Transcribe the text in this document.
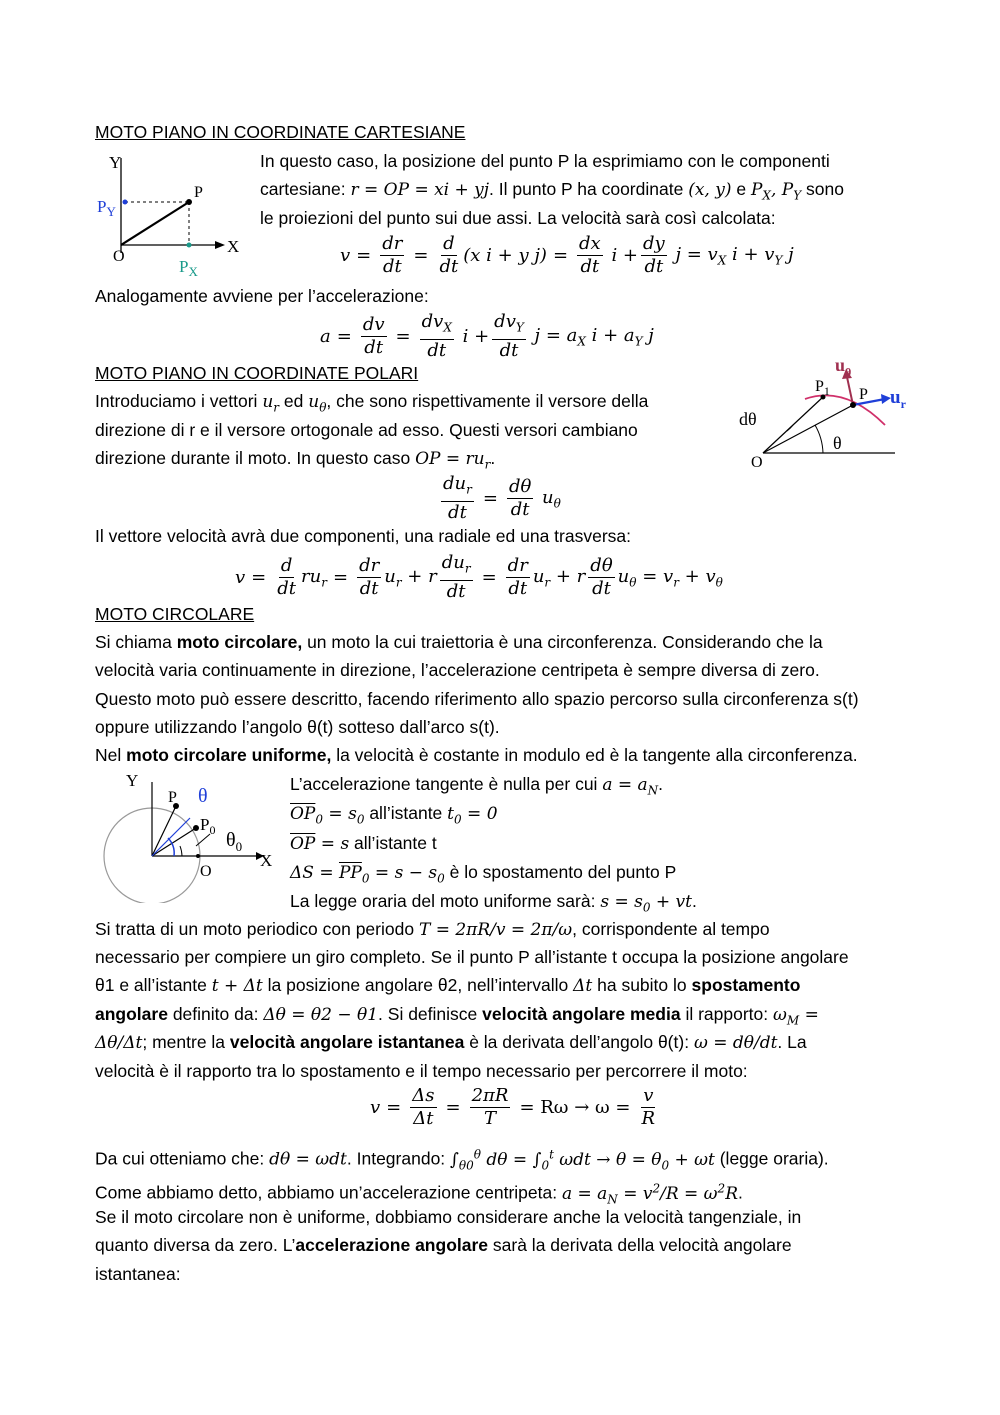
MOTO PIANO IN COORDINATE CARTESIANE
Y
X
O
P
$P_Y$
$P_X$
In questo caso, la posizione del punto P la esprimiamo con le componenti
cartesiane: r = OP = xi + yj. Il punto P ha coordinate (x, y) e $P_X$, $P_Y$ sono
le proiezioni del punto sui due assi. La velocità sarà così calcolata:
$v = \frac{dr}{dt} = \frac{d}{dt} (x$ i + y $j) = \frac{dx}{dt}$ $i + \frac{dy}{dt}$ $j = v_X$ $i + v_Y$ j
Analogamente avviene per l’accelerazione:
$a = \frac{dv}{dt} = \frac{dv_X}{dt}$ $i + \frac{dv_Y}{dt}$ $j = a_X$ $i + a_Y$ j
MOTO PIANO IN COORDINATE POLARI
O
P
$P_1$	$u_r$
$u_\theta$
dθ
θ
Introduciamo i vettori $u_r$ ed $u_\theta$, che sono rispettivamente il versore della
direzione di r e il versore ortogonale ad esso. Questi versori cambiano
direzione durante il moto. In questo caso OP = $ru_r$.
$\frac{du_r}{dt} = \frac{d\theta}{dt} u_\theta$
Il vettore velocità avrà due componenti, una radiale ed una trasversa:
$v = \frac{d}{dt} ru_r = \frac{dr}{dt} u_r + r \frac{du_r}{dt} = \frac{dr}{dt} u_r + r \frac{d\theta}{dt} u_\theta = v_r + v_\theta$
MOTO CIRCOLARE
Si chiama moto circolare, un moto la cui traiettoria è una circonferenza. Considerando che la
velocità varia continuamente in direzione, l’accelerazione centripeta è sempre diversa di zero.
Questo moto può essere descritto, facendo riferimento allo spazio percorso sulla circonferenza s(t)
oppure utilizzando l’angolo θ(t) sotteso dall’arco s(t).
Nel moto circolare uniforme, la velocità è costante in modulo ed è la tangente alla circonferenza.
Y
X
O
P
$P_0$
θ
$\theta_0$
L’accelerazione tangente è nulla per cui $a = a_N$.
$\overline{OP}_0 = s_0$ all’istante $t_0 = 0$
$\overline{OP} = s$ all’istante t
$\Delta S = \overline{PP}_0 = s - s_0$ è lo spostamento del punto P
La legge oraria del moto uniforme sarà: $s = s_0$ + vt.
Si tratta di un moto periodico con periodo T = 2πR/v = 2π/ω, corrispondente al tempo
necessario per compiere un giro completo. Se il punto P all’istante t occupa la posizione angolare
θ1 e all’istante t + Δt la posizione angolare θ2, nell’intervallo Δt ha subito lo spostamento
angolare definito da: Δθ = θ2 − θ1. Si definisce velocità angolare media il rapporto: $\omega_M$ =
Δθ/Δt; mentre la velocità angolare istantanea è la derivata dell’angolo θ(t): ω = dθ/dt. La
velocità è il rapporto tra lo spostamento e il tempo necessario per percorrere il moto:
$v = \frac{\Delta s}{\Delta t} = \frac{2\pi R}{T} = R\omega \to \omega = \frac{v}{R}$
Da cui otteniamo che: dθ = ωdt. Integrando: $\int_{\theta 0}^\theta$ $d\theta = \int_0^t$ $\omega dt \to \theta = \theta_0 + \omega t$ (legge oraria).
Come abbiamo detto, abbiamo un’accelerazione centripeta: $a = a_N = v^2/R = \omega^2R$.
Se il moto circolare non è uniforme, dobbiamo considerare anche la velocità tangenziale, in
quanto diversa da zero. L’accelerazione angolare sarà la derivata della velocità angolare
istantanea:
